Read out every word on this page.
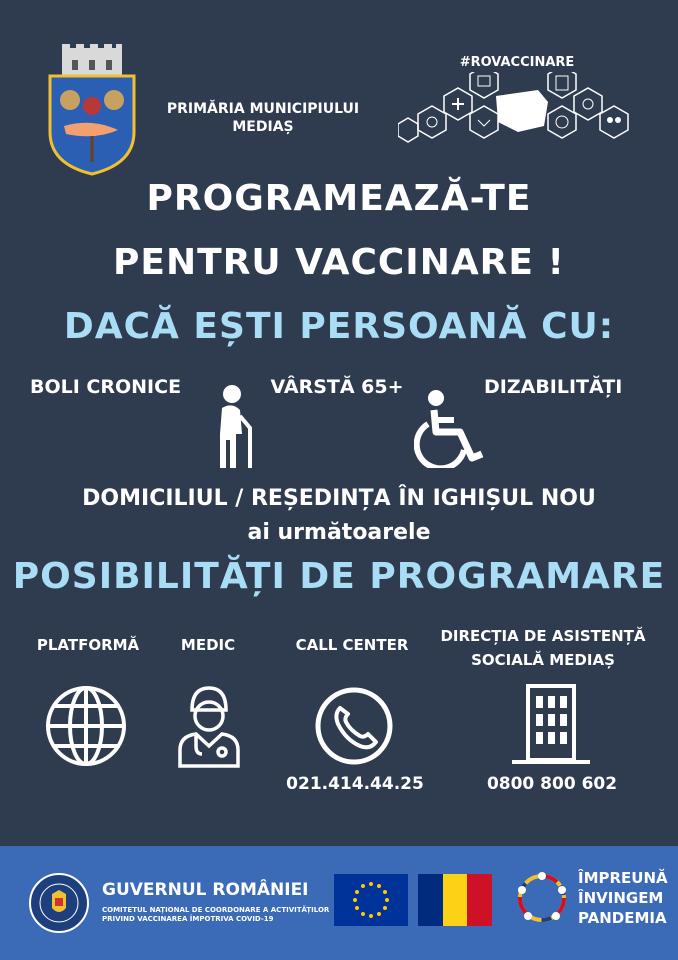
PRIMĂRIA MUNICIPIULUI
MEDIAȘ
#ROVACCINARE
PROGRAMEAZĂ-TE
PENTRU VACCINARE !
DACĂ EȘTI PERSOANĂ CU:
BOLI CRONICE	VÂRSTĂ 65+	DIZABILITĂȚI
DOMICILIUL / REȘEDINȚA ÎN IGHIȘUL NOU
ai următoarele
POSIBILITĂȚI DE PROGRAMARE
PLATFORMĂ	MEDIC	CALL CENTER	DIRECȚIA DE ASISTENȚĂ
SOCIALĂ MEDIAȘ
021.414.44.25	0800 800 602
GUVERNUL ROMÂNIEI
COMITETUL NAȚIONAL DE COORDONARE A ACTIVITĂȚILOR
PRIVIND VACCINAREA ÎMPOTRIVA COVID-19
ÎMPREUNĂ
ÎNVINGEM
PANDEMIA
